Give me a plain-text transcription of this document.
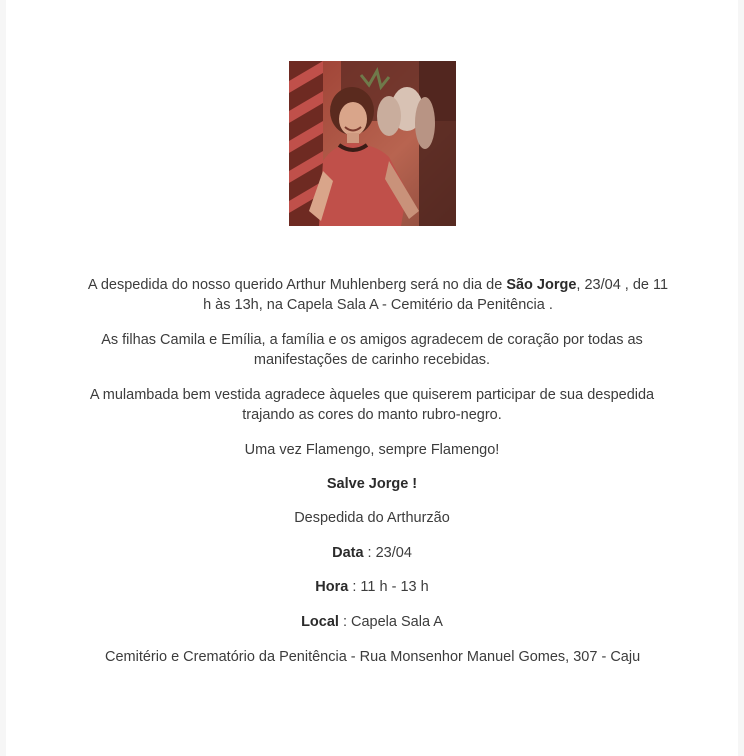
A despedida do nosso querido Arthur Muhlenberg será no dia de São Jorge, 23/04 , de 11
h às 13h, na Capela Sala A - Cemitério da Penitência .

As filhas Camila e Emília, a família e os amigos agradecem de coração por todas as
manifestações de carinho recebidas.

A mulambada bem vestida agradece àqueles que quiserem participar de sua despedida
trajando as cores do manto rubro-negro.

Uma vez Flamengo, sempre Flamengo!

Salve Jorge !

Despedida do Arthurzão

Data : 23/04

Hora : 11 h - 13 h

Local : Capela Sala A

Cemitério e Crematório da Penitência - Rua Monsenhor Manuel Gomes, 307 - Caju
